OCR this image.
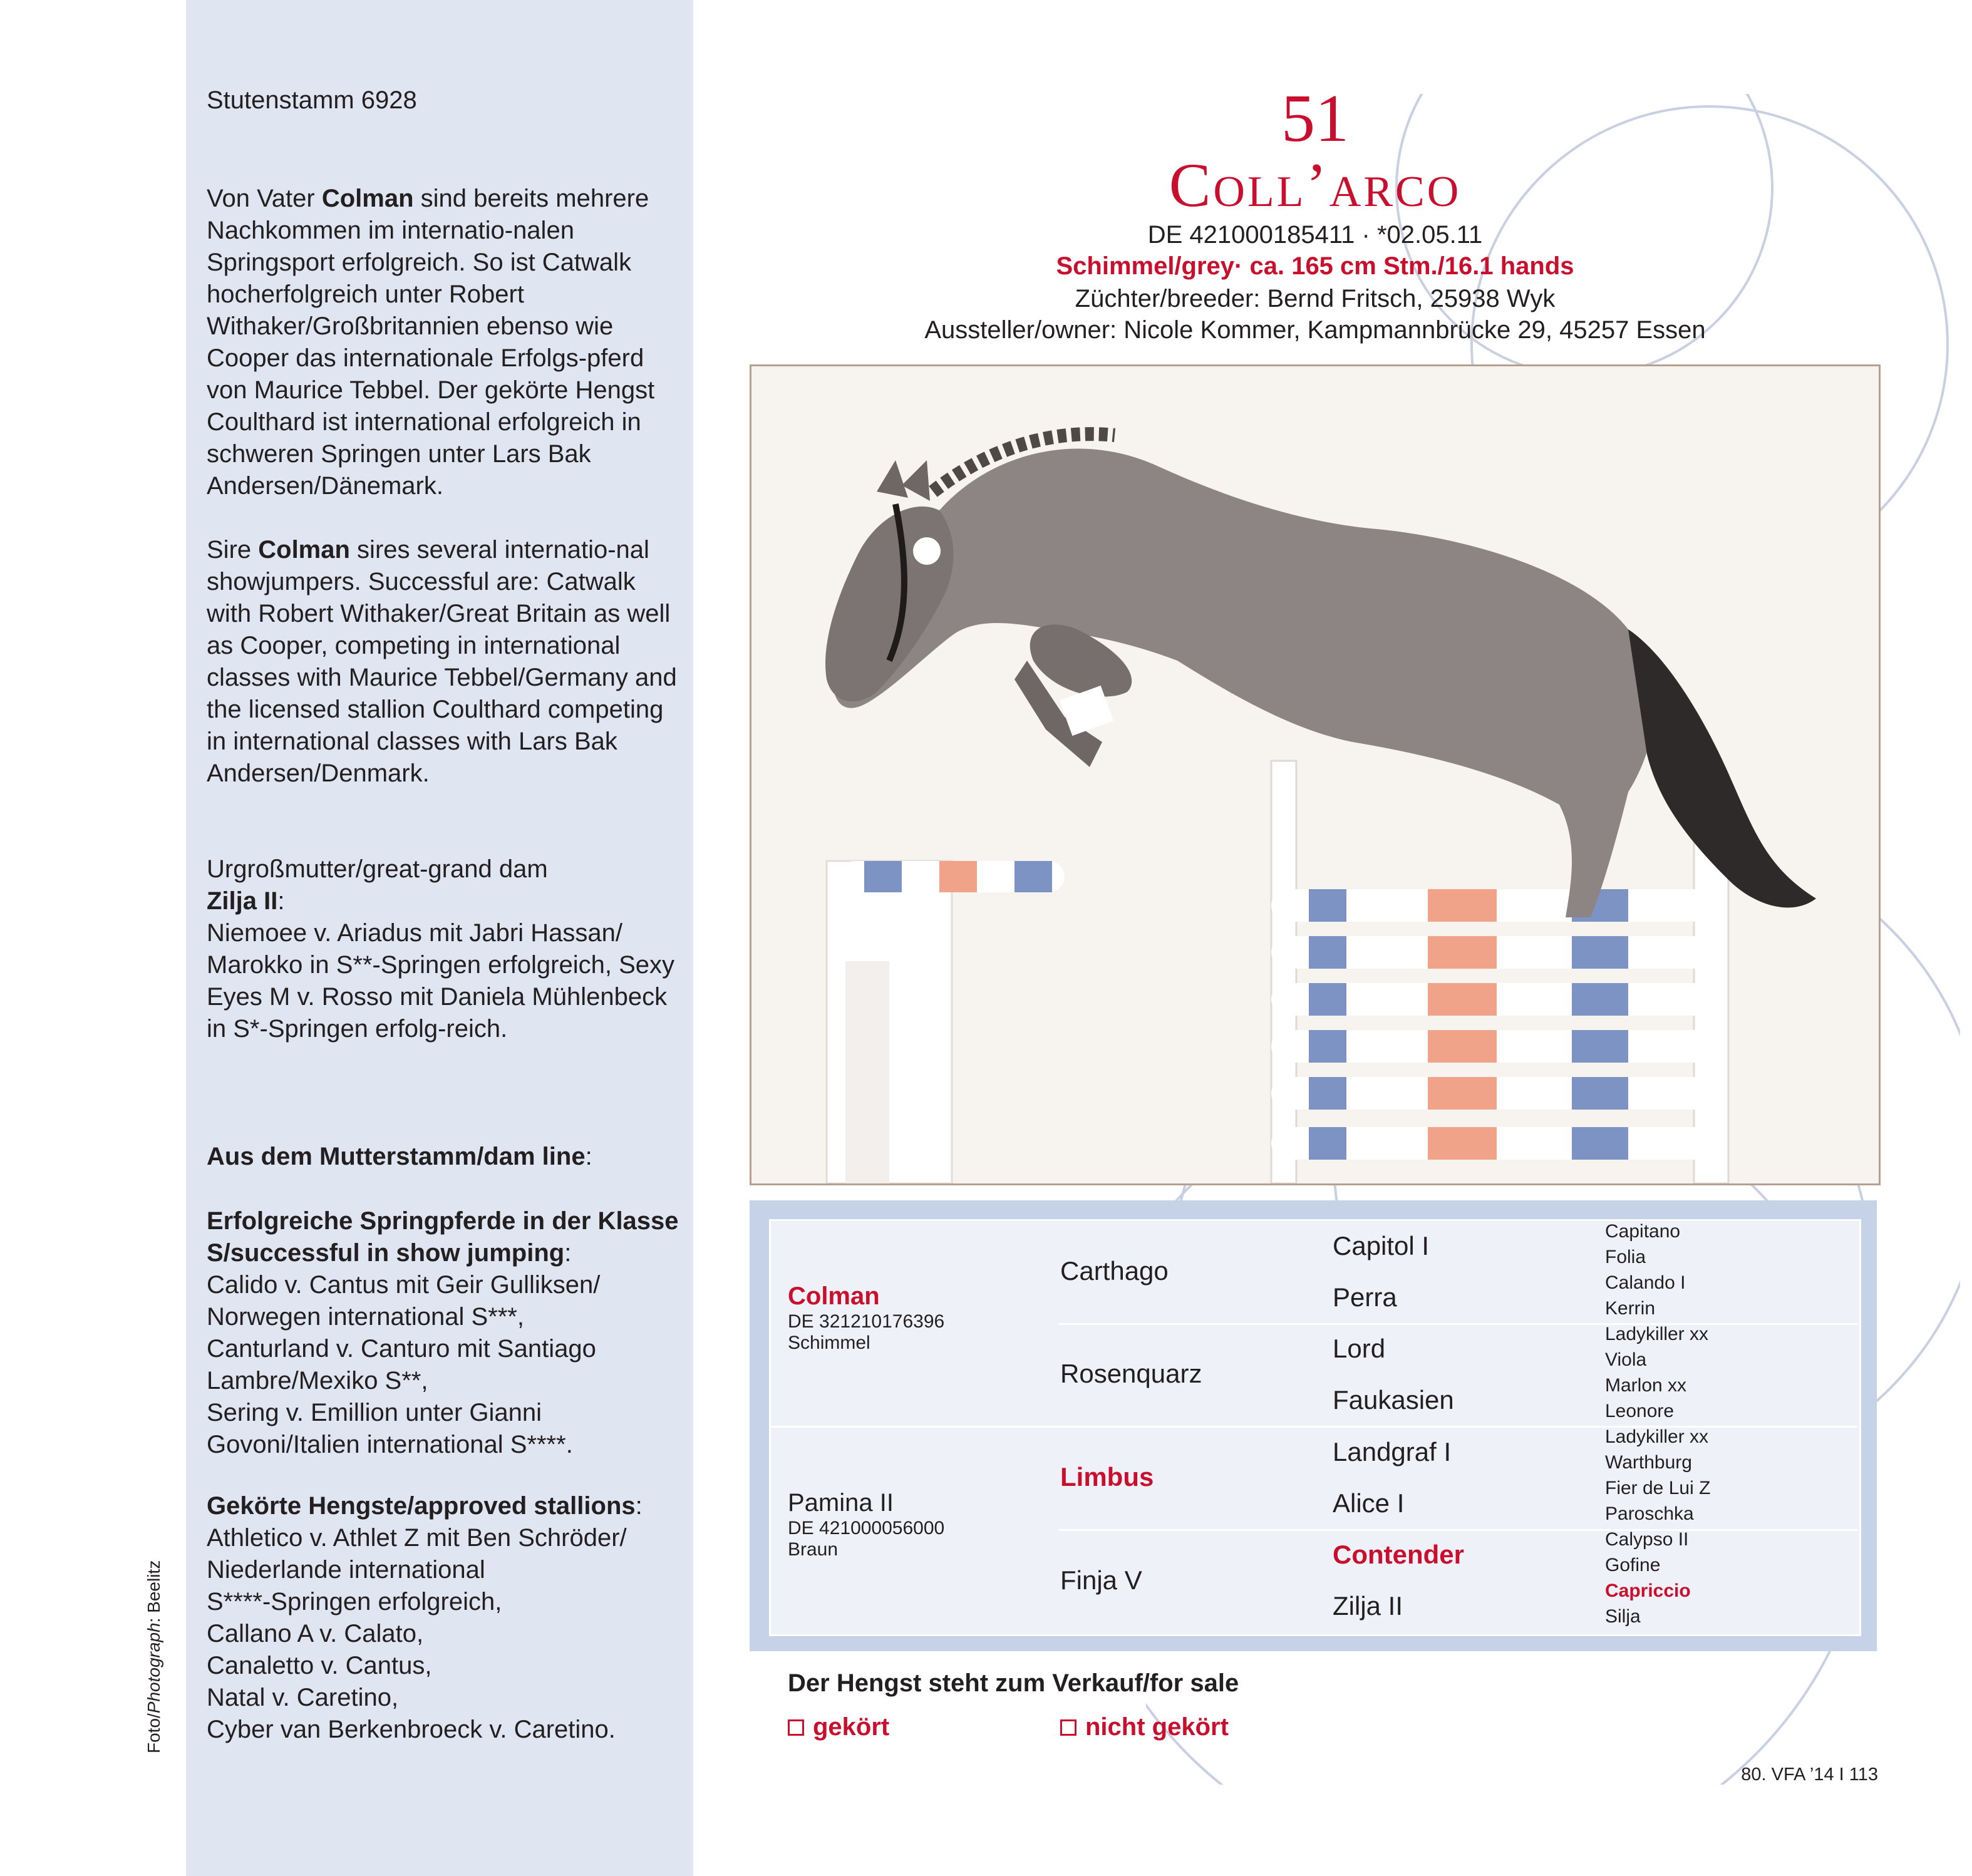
Stutenstamm 6928

Von Vater Colman sind bereits mehrere Nachkommen im internatio-nalen Springsport erfolgreich. So ist Catwalk hocherfolgreich unter Robert Withaker/Großbritannien ebenso wie Cooper das internationale Erfolgs-pferd von Maurice Tebbel. Der gekörte Hengst Coulthard ist international erfolgreich in schweren Springen unter Lars Bak Andersen/Dänemark.

Sire Colman sires several internatio-nal showjumpers. Successful are: Catwalk with Robert Withaker/Great Britain as well as Cooper, competing in international classes with Maurice Tebbel/Germany and the licensed stallion Coulthard competing in international classes with Lars Bak Andersen/Denmark.

Urgroßmutter/great-grand dam

Zilja II:

Niemoee v. Ariadus mit Jabri Hassan/ Marokko in S**-Springen erfolgreich, Sexy Eyes M v. Rosso mit Daniela Mühlenbeck in S*-Springen erfolg-reich.

Aus dem Mutterstamm/dam line:

Erfolgreiche Springpferde in der Klasse S/successful in show jumping:

Calido v. Cantus mit Geir Gulliksen/

Norwegen international S***,

Canturland v. Canturo mit Santiago

Lambre/Mexiko S**,

Sering v. Emillion unter Gianni

Govoni/Italien international S****.

Gekörte Hengste/approved stallions:

Athletico v. Athlet Z mit Ben Schröder/

Niederlande international

S****-Springen erfolgreich,

Callano A v. Calato,

Canaletto v. Cantus,

Natal v. Caretino,

Cyber van Berkenbroeck v. Caretino.

Foto/Photograph: Beelitz
51
Coll’arco
DE 421000185411 · *02.05.11
Schimmel/grey· ca. 165 cm Stm./16.1 hands
Züchter/breeder: Bernd Fritsch, 25938 Wyk
Aussteller/owner: Nicole Kommer, Kampmannbrücke 29, 45257 Essen
Colman
DE 321210176396
Schimmel
Pamina II
DE 421000056000
Braun
Carthago
Rosenquarz
Limbus
Finja V
Capitol I
Perra
Lord
Faukasien
Landgraf I
Alice I
Contender
Zilja II
Capitano
Folia
Calando I
Kerrin
Ladykiller xx
Viola
Marlon xx
Leonore
Ladykiller xx
Warthburg
Fier de Lui Z
Paroschka
Calypso II
Gofine
Capriccio
Silja
Der Hengst steht zum Verkauf/for sale
gekört	nicht gekört
80. VFA ’14 I 113
